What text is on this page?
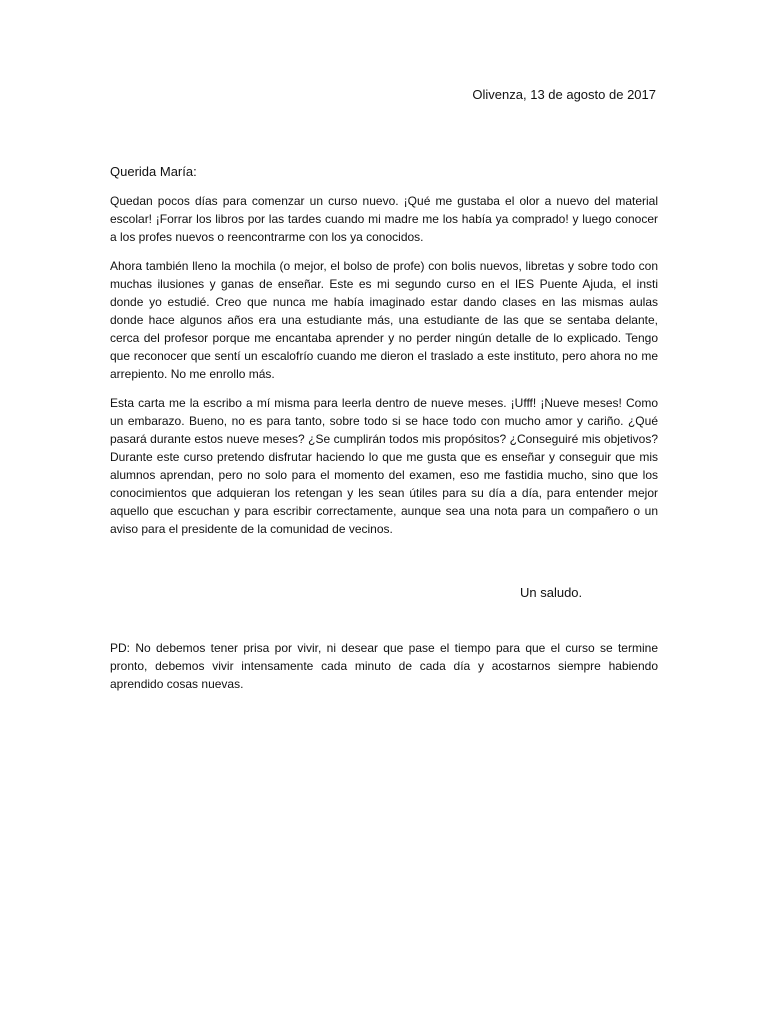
Olivenza, 13 de agosto de 2017
Querida María:

Quedan pocos días para comenzar un curso nuevo. ¡Qué me gustaba el olor a nuevo del material escolar! ¡Forrar los libros por las tardes cuando mi madre me los había ya comprado! y luego conocer a los profes nuevos o reencontrarme con los ya conocidos.

Ahora también lleno la mochila (o mejor, el bolso de profe) con bolis nuevos, libretas y sobre todo con muchas ilusiones y ganas de enseñar. Este es mi segundo curso en el IES Puente Ajuda, el insti donde yo estudié. Creo que nunca me había imaginado estar dando clases en las mismas aulas donde hace algunos años era una estudiante más, una estudiante de las que se sentaba delante, cerca del profesor porque me encantaba aprender y no perder ningún detalle de lo explicado. Tengo que reconocer que sentí un escalofrío cuando me dieron el traslado a este instituto, pero ahora no me arrepiento. No me enrollo más.

Esta carta me la escribo a mí misma para leerla dentro de nueve meses. ¡Ufff! ¡Nueve meses! Como un embarazo. Bueno, no es para tanto, sobre todo si se hace todo con mucho amor y cariño. ¿Qué pasará durante estos nueve meses? ¿Se cumplirán todos mis propósitos? ¿Conseguiré mis objetivos? Durante este curso pretendo disfrutar haciendo lo que me gusta que es enseñar y conseguir que mis alumnos aprendan, pero no solo para el momento del examen, eso me fastidia mucho, sino que los conocimientos que adquieran los retengan y les sean útiles para su día a día, para entender mejor aquello que escuchan y para escribir correctamente, aunque sea una nota para un compañero o un aviso para el presidente de la comunidad de vecinos.

Un saludo.

PD: No debemos tener prisa por vivir, ni desear que pase el tiempo para que el curso se termine pronto, debemos vivir intensamente cada minuto de cada día y acostarnos siempre habiendo aprendido cosas nuevas.
